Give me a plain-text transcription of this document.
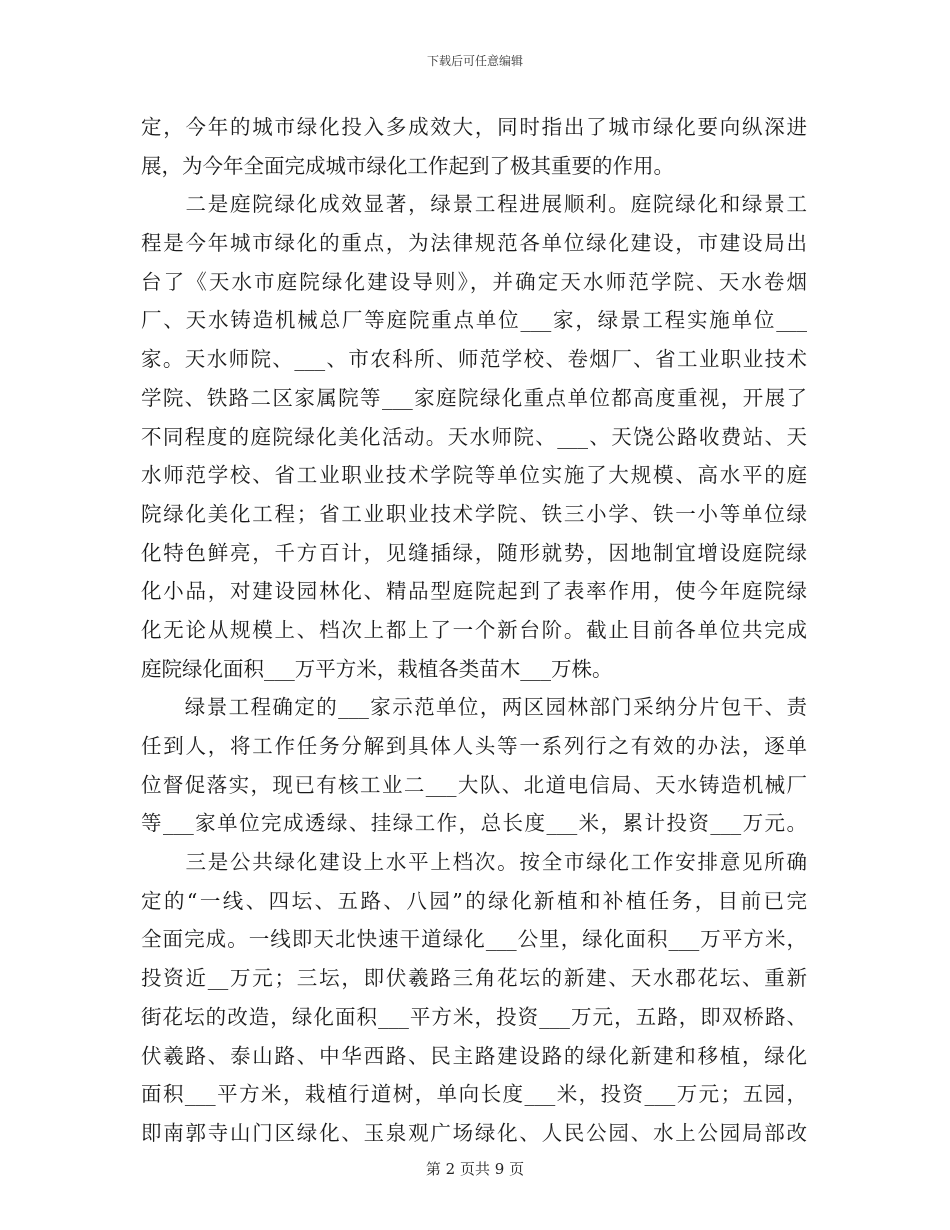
下载后可任意编辑
定，今年的城市绿化投入多成效大，同时指出了城市绿化要向纵深进
展，为今年全面完成城市绿化工作起到了极其重要的作用。
　　二是庭院绿化成效显著，绿景工程进展顺利。庭院绿化和绿景工
程是今年城市绿化的重点，为法律规范各单位绿化建设，市建设局出
台了《天水市庭院绿化建设导则》，并确定天水师范学院、天水卷烟
厂、天水铸造机械总厂等庭院重点单位___家，绿景工程实施单位___
家。天水师院、___、市农科所、师范学校、卷烟厂、省工业职业技术
学院、铁路二区家属院等___家庭院绿化重点单位都高度重视，开展了
不同程度的庭院绿化美化活动。天水师院、___、天饶公路收费站、天
水师范学校、省工业职业技术学院等单位实施了大规模、高水平的庭
院绿化美化工程；省工业职业技术学院、铁三小学、铁一小等单位绿
化特色鲜亮，千方百计，见缝插绿，随形就势，因地制宜增设庭院绿
化小品，对建设园林化、精品型庭院起到了表率作用，使今年庭院绿
化无论从规模上、档次上都上了一个新台阶。截止目前各单位共完成
庭院绿化面积___万平方米，栽植各类苗木___万株。
　　绿景工程确定的___家示范单位，两区园林部门采纳分片包干、责
任到人，将工作任务分解到具体人头等一系列行之有效的办法，逐单
位督促落实，现已有核工业二___大队、北道电信局、天水铸造机械厂
等___家单位完成透绿、挂绿工作，总长度___米，累计投资___万元。
　　三是公共绿化建设上水平上档次。按全市绿化工作安排意见所确
定的“一线、四坛、五路、八园”的绿化新植和补植任务，目前已完
全面完成。一线即天北快速干道绿化___公里，绿化面积___万平方米，
投资近__万元；三坛，即伏羲路三角花坛的新建、天水郡花坛、重新
街花坛的改造，绿化面积___平方米，投资___万元，五路，即双桥路、
伏羲路、泰山路、中华西路、民主路建设路的绿化新建和移植，绿化
面积___平方米，栽植行道树，单向长度___米，投资___万元；五园，
即南郭寺山门区绿化、玉泉观广场绿化、人民公园、水上公园局部改
第 2 页共 9 页
